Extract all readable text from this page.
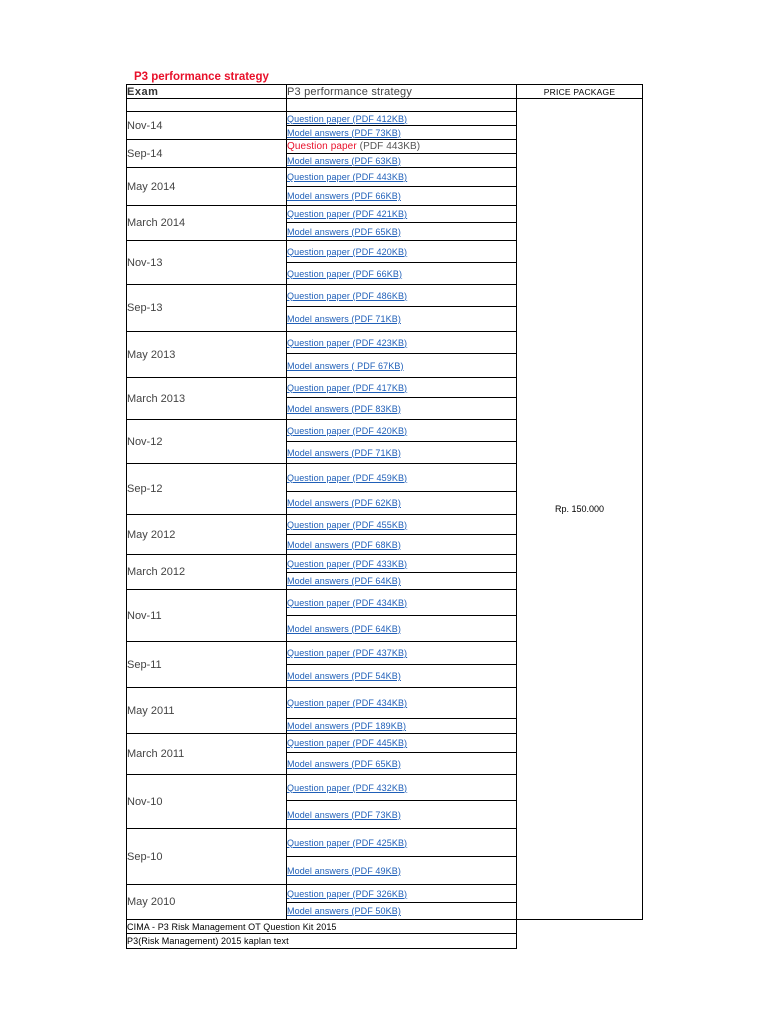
P3 performance strategy
Exam	P3 performance strategy	PRICE PACKAGE
		Rp. 150.000
Nov-14	Question paper (PDF 412KB)	
	Model answers (PDF 73KB)	
Sep-14	Question paper (PDF 443KB)	
	Model answers (PDF 63KB)	
May 2014	Question paper (PDF 443KB)	
	Model answers (PDF 66KB)	
March 2014	Question paper (PDF 421KB)	
	Model answers (PDF 65KB)	
Nov-13	Question paper (PDF 420KB)	
	Question paper (PDF 66KB)	
Sep-13	Question paper (PDF 486KB)	
	Model answers (PDF 71KB)	
May 2013	Question paper (PDF 423KB)	
	Model answers ( PDF 67KB)	
March 2013	Question paper (PDF 417KB)	
	Model answers (PDF 83KB)	
Nov-12	Question paper (PDF 420KB)	
	Model answers (PDF 71KB)	
Sep-12	Question paper (PDF 459KB)	
	Model answers (PDF 62KB)	
May 2012	Question paper (PDF 455KB)	
	Model answers (PDF 68KB)	
March 2012	Question paper (PDF 433KB)	
	Model answers (PDF 64KB)	
Nov-11	Question paper (PDF 434KB)	
	Model answers (PDF 64KB)	
Sep-11	Question paper (PDF 437KB)	
	Model answers (PDF 54KB)	
May 2011	Question paper (PDF 434KB)	
	Model answers (PDF 189KB)	
March 2011	Question paper (PDF 445KB)	
	Model answers (PDF 65KB)	
Nov-10	Question paper (PDF 432KB)	
	Model answers (PDF 73KB)	
Sep-10	Question paper (PDF 425KB)	
	Model answers (PDF 49KB)	
May 2010	Question paper (PDF 326KB)	
	Model answers (PDF 50KB)	
CIMA - P3 Risk Management OT Question Kit 2015		
P3(Risk Management) 2015 kaplan text		
